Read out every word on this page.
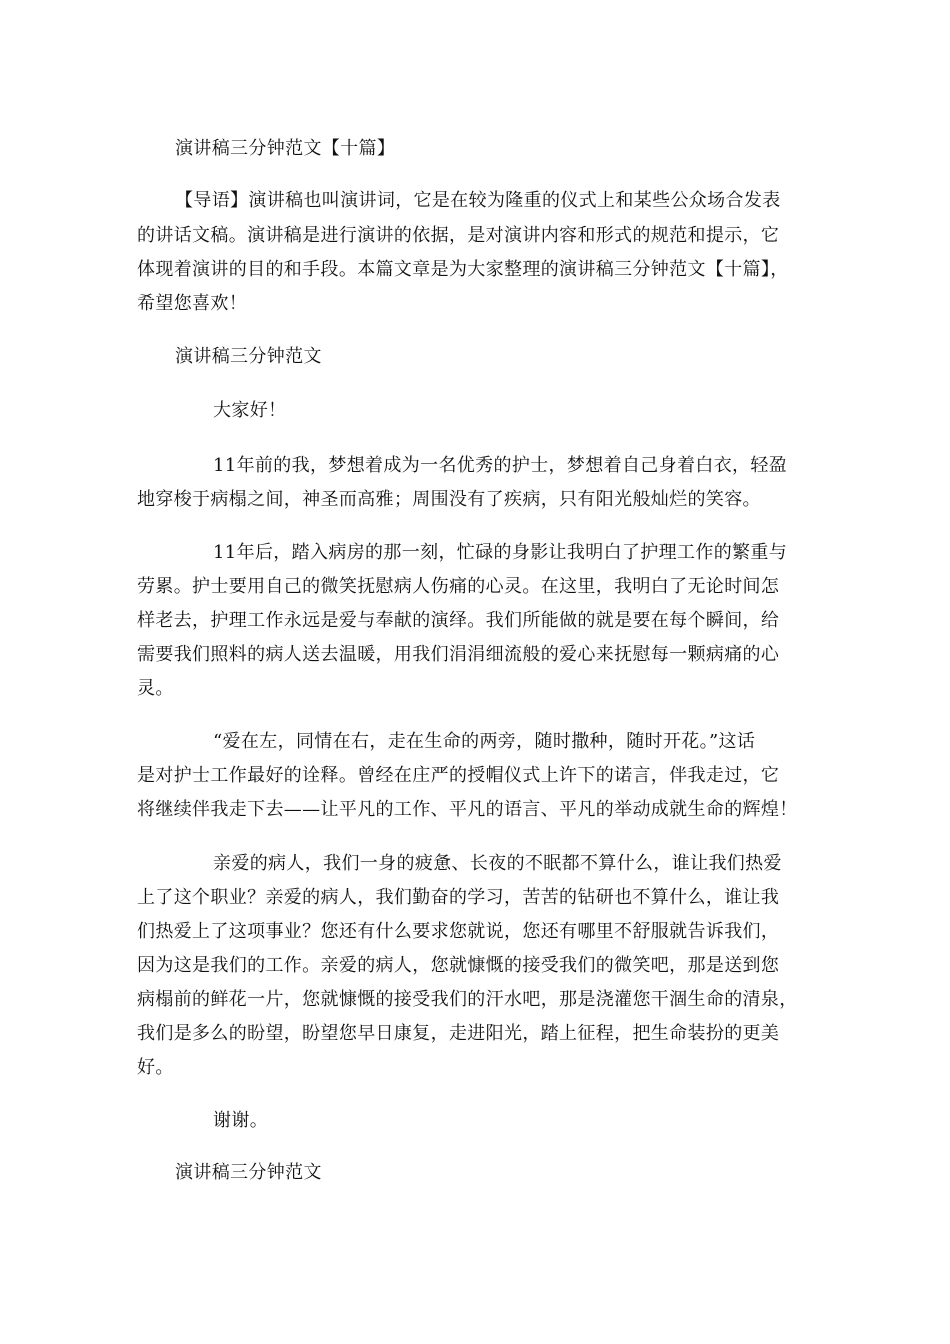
演讲稿三分钟范文【十篇】
【导语】演讲稿也叫演讲词，它是在较为隆重的仪式上和某些公众场合发表
的讲话文稿。演讲稿是进行演讲的依据，是对演讲内容和形式的规范和提示，它
体现着演讲的目的和手段。本篇文章是为大家整理的演讲稿三分钟范文【十篇】，
希望您喜欢！
演讲稿三分钟范文
大家好！
11年前的我，梦想着成为一名优秀的护士，梦想着自己身着白衣，轻盈
地穿梭于病榻之间，神圣而高雅；周围没有了疾病，只有阳光般灿烂的笑容。
11年后，踏入病房的那一刻，忙碌的身影让我明白了护理工作的繁重与
劳累。护士要用自己的微笑抚慰病人伤痛的心灵。在这里，我明白了无论时间怎
样老去，护理工作永远是爱与奉献的演绎。我们所能做的就是要在每个瞬间，给
需要我们照料的病人送去温暖，用我们涓涓细流般的爱心来抚慰每一颗病痛的心
灵。
“爱在左，同情在右，走在生命的两旁，随时撒种，随时开花。”这话
是对护士工作最好的诠释。曾经在庄严的授帽仪式上许下的诺言，伴我走过，它
将继续伴我走下去——让平凡的工作、平凡的语言、平凡的举动成就生命的辉煌！
亲爱的病人，我们一身的疲惫、长夜的不眠都不算什么，谁让我们热爱
上了这个职业？亲爱的病人，我们勤奋的学习，苦苦的钻研也不算什么，谁让我
们热爱上了这项事业？您还有什么要求您就说，您还有哪里不舒服就告诉我们，
因为这是我们的工作。亲爱的病人，您就慷慨的接受我们的微笑吧，那是送到您
病榻前的鲜花一片，您就慷慨的接受我们的汗水吧，那是浇灌您干涸生命的清泉，
我们是多么的盼望，盼望您早日康复，走进阳光，踏上征程，把生命装扮的更美
好。
谢谢。
演讲稿三分钟范文
